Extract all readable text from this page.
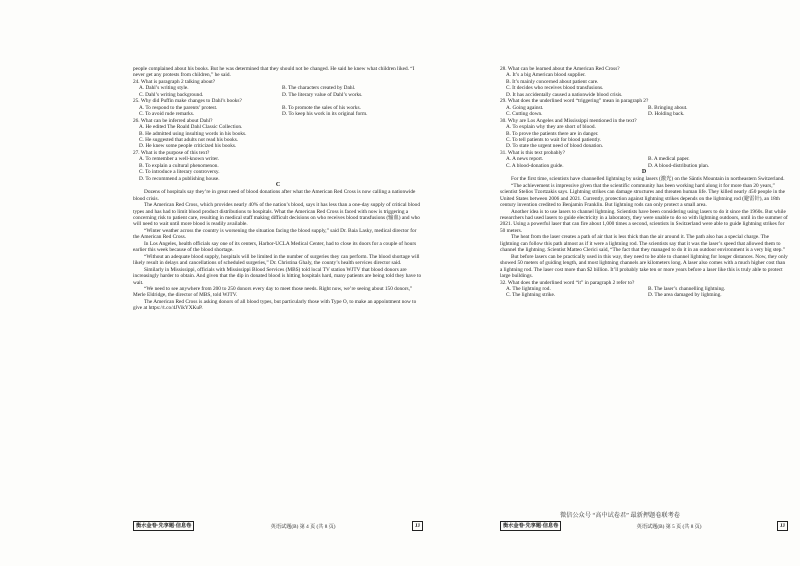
people complained about his books. But he was determined that they should not be changed. He said he knew what children liked. “I never get any protests from children,” he said.

24. What is paragraph 2 talking about?
A. Dahl’s writing style.	B. The characters created by Dahl.
C. Dahl’s writing background.	D. The literary value of Dahl’s works.
25. Why did Puffin make changes to Dahl’s books?
A. To respond to the parents’ protest.	B. To promote the sales of his works.
C. To avoid rude remarks.	D. To keep his work in its original form.
26. What can be inferred about Dahl?
A. He edited The Roald Dahl Classic Collection.
B. He admitted using insulting words in his books.
C. He suggested that adults not read his books.
D. He knew some people criticized his books.
27. What is the purpose of this text?
A. To remember a well-known writer.
B. To explain a cultural phenomenon.
C. To introduce a literary controversy.
D. To recommend a publishing house.
C

Dozens of hospitals say they’re in great need of blood donations after what the American Red Cross is now calling a nationwide blood crisis.

The American Red Cross, which provides nearly 40% of the nation’s blood, says it has less than a one-day supply of critical blood types and has had to limit blood product distributions to hospitals. What the American Red Cross is faced with now is triggering a concerning risk to patient care, resulting in medical staff making difficult decisions on who receives blood transfusions (输血) and who will need to wait until more blood is readily available.

“Winter weather across the country is worsening the situation facing the blood supply,” said Dr. Baia Lasky, medical director for the American Red Cross.

In Los Angeles, health officials say one of its centers, Harbor-UCLA Medical Center, had to close its doors for a couple of hours earlier this week because of the blood shortage.

“Without an adequate blood supply, hospitals will be limited in the number of surgeries they can perform. The blood shortage will likely result in delays and cancellations of scheduled surgeries,” Dr. Christina Ghaly, the county’s health services director said.

Similarly in Mississippi, officials with Mississippi Blood Services (MBS) told local TV station WJTV that blood donors are increasingly harder to obtain. And given that the dip in donated blood is hitting hospitals hard, many patients are being told they have to wait.

“We need to see anywhere from 200 to 250 donors every day to meet those needs. Right now, we’re seeing about 150 donors,” Merle Eldridge, the director of MBS, told WJTV.

The American Red Cross is asking donors of all blood types, but particularly those with Type O, to make an appointment now to give at https://t.co/4JVikYXKuP.

28. What can be learned about the American Red Cross?
A. It’s a big American blood supplier.
B. It’s mainly concerned about patient care.
C. It decides who receives blood transfusions.
D. It has accidentally caused a nationwide blood crisis.
29. What does the underlined word “triggering” mean in paragraph 2?
A. Going against.	B. Bringing about.
C. Cutting down.	D. Holding back.
30. Why are Los Angeles and Mississippi mentioned in the text?
A. To explain why they are short of blood.
B. To prove the patients there are in danger.
C. To tell patients to wait for blood patiently.
D. To state the urgent need of blood donation.
31. What is this text probably?
A. A news report.	B. A medical paper.
C. A blood-donation guide.	D. A blood-distribution plan.
D

For the first time, scientists have channelled lightning by using lasers (激光) on the Säntis Mountain in northeastern Switzerland.

“The achievement is impressive given that the scientific community has been working hard along it for more than 20 years,” scientist Stelios Tzortzakis says. Lightning strikes can damage structures and threaten human life. They killed nearly 450 people in the United States between 2006 and 2021. Currently, protection against lightning strikes depends on the lightning rod (避雷针), an 18th century invention credited to Benjamin Franklin. But lightning rods can only protect a small area.

Another idea is to use lasers to channel lightning. Scientists have been considering using lasers to do it since the 1960s. But while researchers had used lasers to guide electricity in a laboratory, they were unable to do so with lightning outdoors, until in the summer of 2021. Using a powerful laser that can fire about 1,000 times a second, scientists in Switzerland were able to guide lightning strikes for 50 meters.

The heat from the laser creates a path of air that is less thick than the air around it. The path also has a special charge. The lightning can follow this path almost as if it were a lightning rod. The scientists say that it was the laser’s speed that allowed them to channel the lightning. Scientist Matteo Clerici said, “The fact that they managed to do it in an outdoor environment is a very big step.”

But before lasers can be practically used in this way, they need to be able to channel lightning for longer distances. Now, they only showed 50 meters of guiding length, and most lightning channels are kilometers long. A laser also comes with a much higher cost than a lightning rod. The laser cost more than $2 billion. It’ll probably take ten or more years before a laser like this is truly able to protect large buildings.

32. What does the underlined word “it” in paragraph 2 refer to?
A. The lightning rod.	B. The laser’s channelling lightning.
C. The lightning strike.	D. The area damaged by lightning.
微信公众号 “高中试卷君” 最新押题卷联考卷
衡水金卷·先享题·信息卷	英语试题(B) 第 4 页 (共 8 页)	JJ	衡水金卷·先享题·信息卷	英语试题(B) 第 5 页 (共 8 页)	JJ
